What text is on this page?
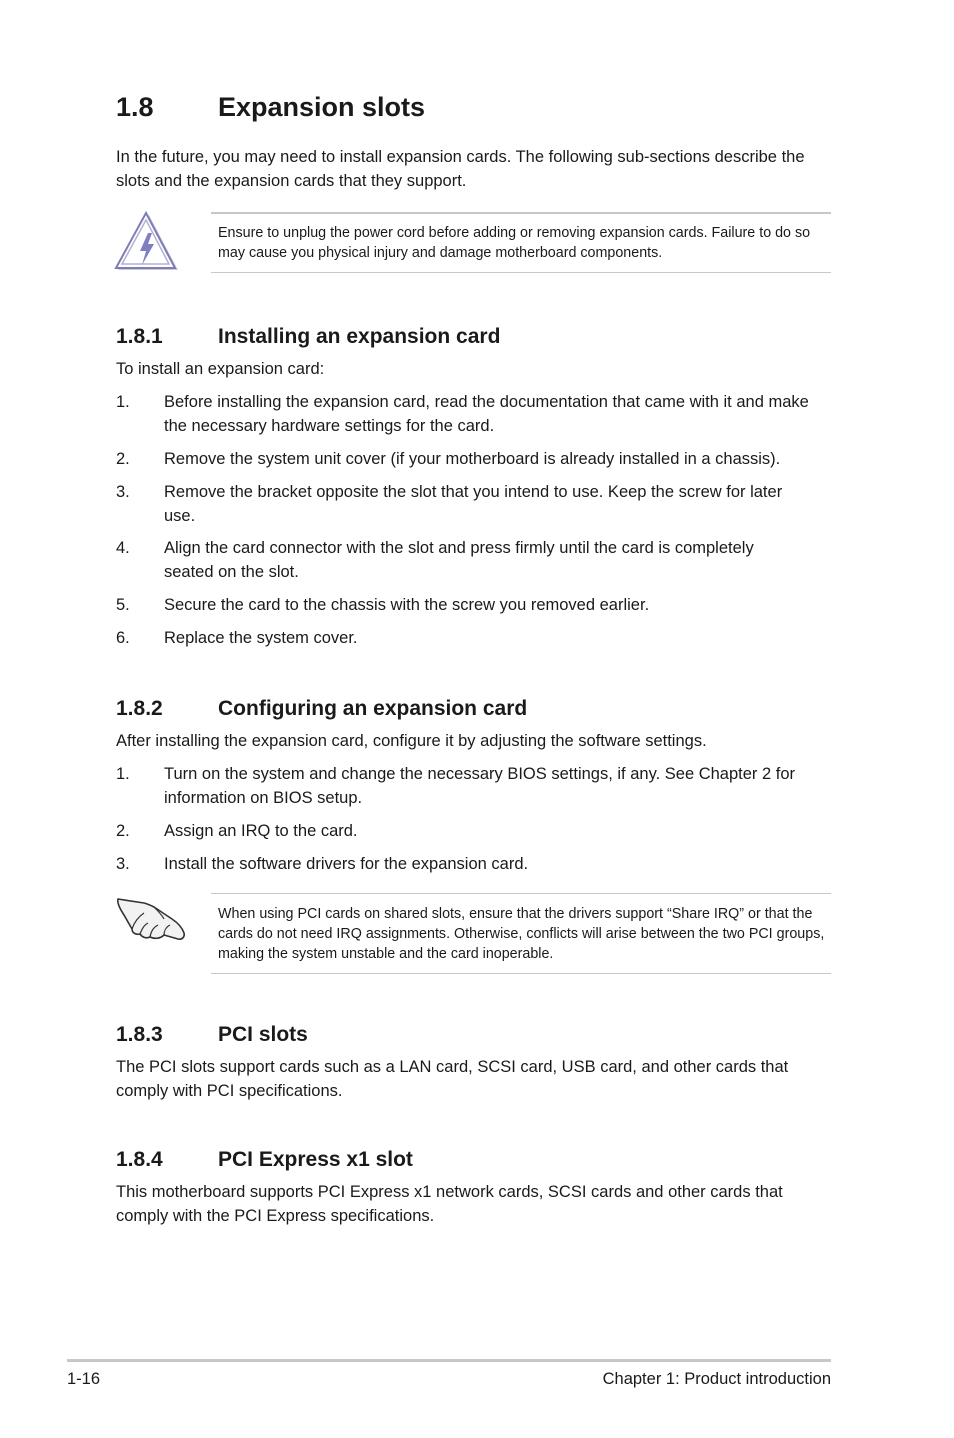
1.8 Expansion slots
In the future, you may need to install expansion cards. The following sub-sections describe the slots and the expansion cards that they support.
Ensure to unplug the power cord before adding or removing expansion cards. Failure to do so may cause you physical injury and damage motherboard components.
1.8.1	Installing an expansion card
To install an expansion card:
1. Before installing the expansion card, read the documentation that came with it and make the necessary hardware settings for the card.
2. Remove the system unit cover (if your motherboard is already installed in a chassis).
3. Remove the bracket opposite the slot that you intend to use. Keep the screw for later use.
4. Align the card connector with the slot and press firmly until the card is completely seated on the slot.
5. Secure the card to the chassis with the screw you removed earlier.
6. Replace the system cover.
1.8.2	Configuring an expansion card
After installing the expansion card, configure it by adjusting the software settings.
1. Turn on the system and change the necessary BIOS settings, if any. See Chapter 2 for information on BIOS setup.
2. Assign an IRQ to the card.
3. Install the software drivers for the expansion card.
When using PCI cards on shared slots, ensure that the drivers support “Share IRQ” or that the cards do not need IRQ assignments. Otherwise, conflicts will arise between the two PCI groups, making the system unstable and the card inoperable.
1.8.3	PCI slots
The PCI slots support cards such as a LAN card, SCSI card, USB card, and other cards that comply with PCI specifications.
1.8.4	PCI Express x1 slot
This motherboard supports PCI Express x1 network cards, SCSI cards and other cards that comply with the PCI Express specifications.
1-16	Chapter 1: Product introduction
